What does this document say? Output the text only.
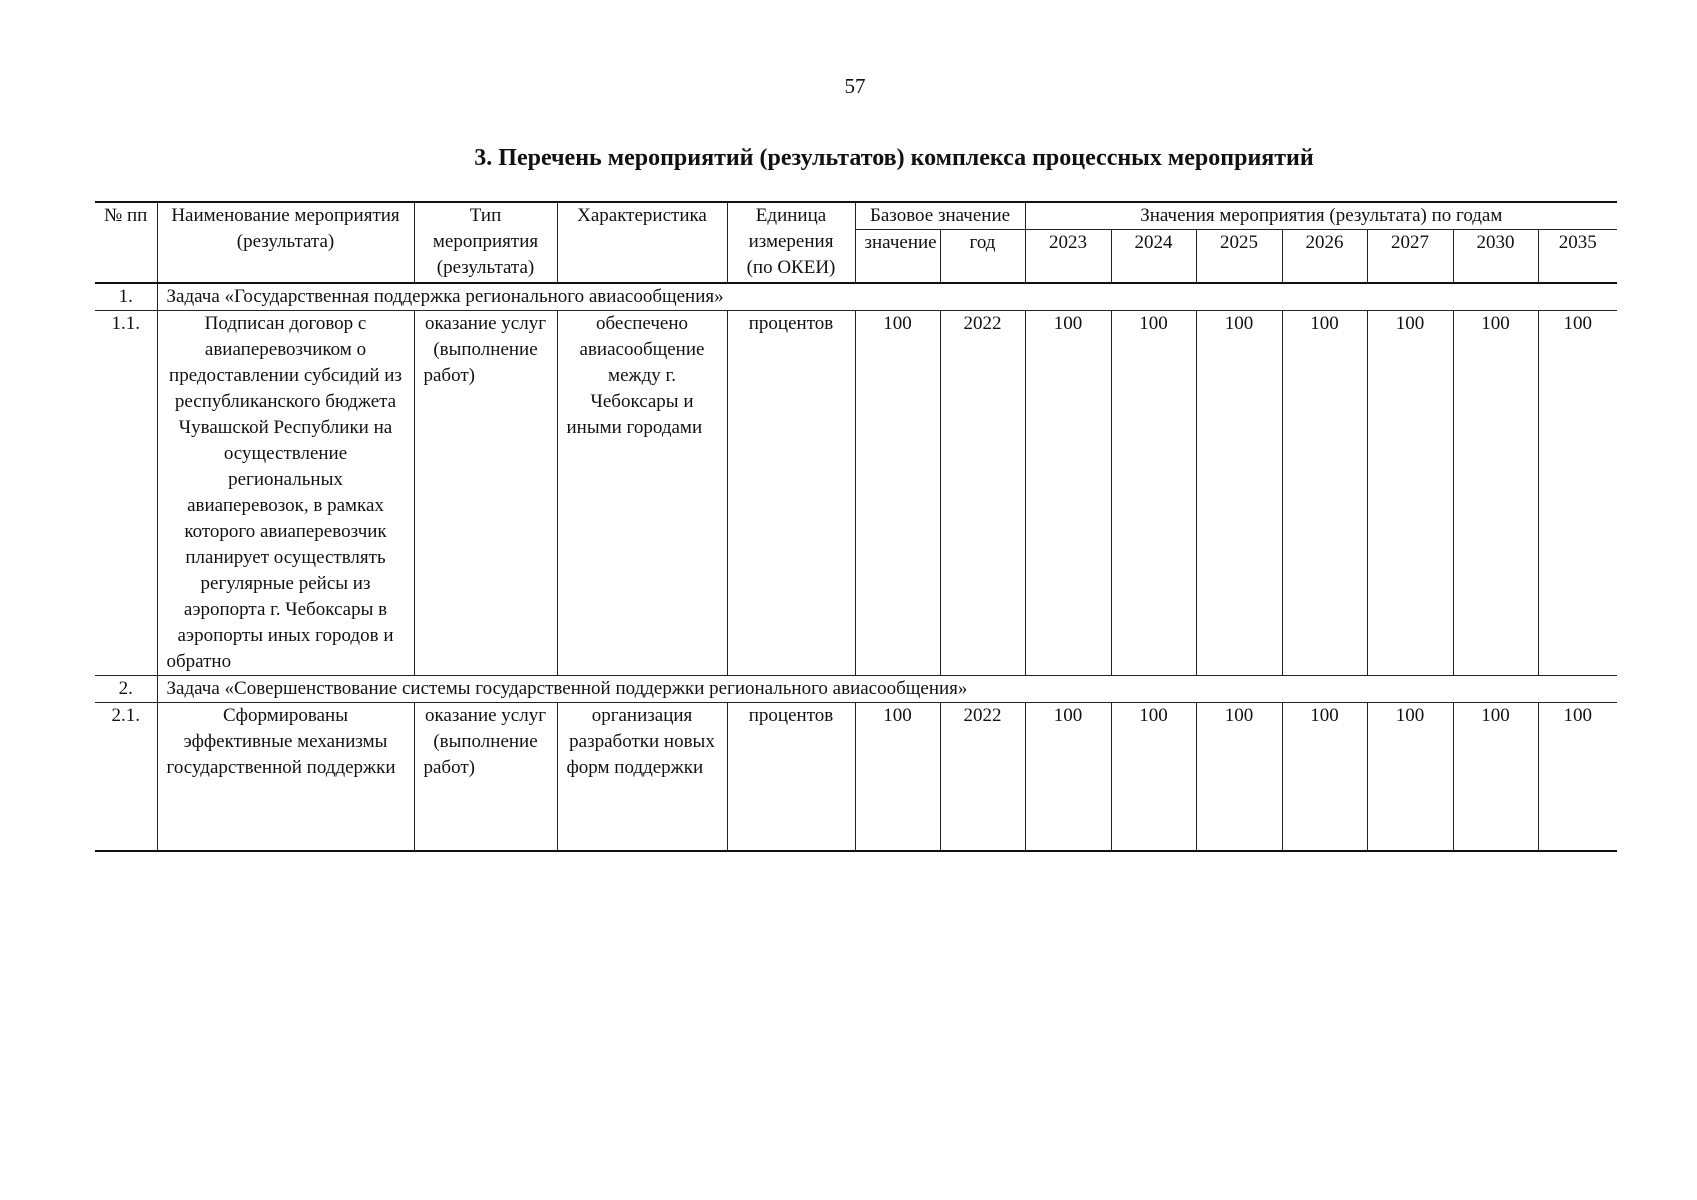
57
3. Перечень мероприятий (результатов) комплекса процессных мероприятий
№ пп	Наименование мероприятия (результата)	Тип мероприятия (результата)	Характеристика	Единица измерения (по ОКЕИ)	Базовое значение		Значения мероприятия (результата) по годам						
					значение	год	2023	2024	2025	2026	2027	2030	2035
1.	Задача «Государственная поддержка регионального авиасообщения»												
1.1.	Подписан договор с авиаперевозчиком о предоставлении субсидий из республиканского бюджета Чувашской Республики на осуществление региональных авиаперевозок, в рамках которого авиаперевозчик планирует осуществлять регулярные рейсы из аэропорта г. Чебоксары в аэропорты иных городов и обратно	оказание услуг (выполнение работ)	обеспечено авиасообщение между г. Чебоксары и иными городами	процентов	100	2022	100	100	100	100	100	100	100
2.	Задача «Совершенствование системы государственной поддержки регионального авиасообщения»												
2.1.	Сформированы эффективные механизмы государственной поддержки	оказание услуг (выполнение работ)	организация разработки новых форм поддержки	процентов	100	2022	100	100	100	100	100	100	100
